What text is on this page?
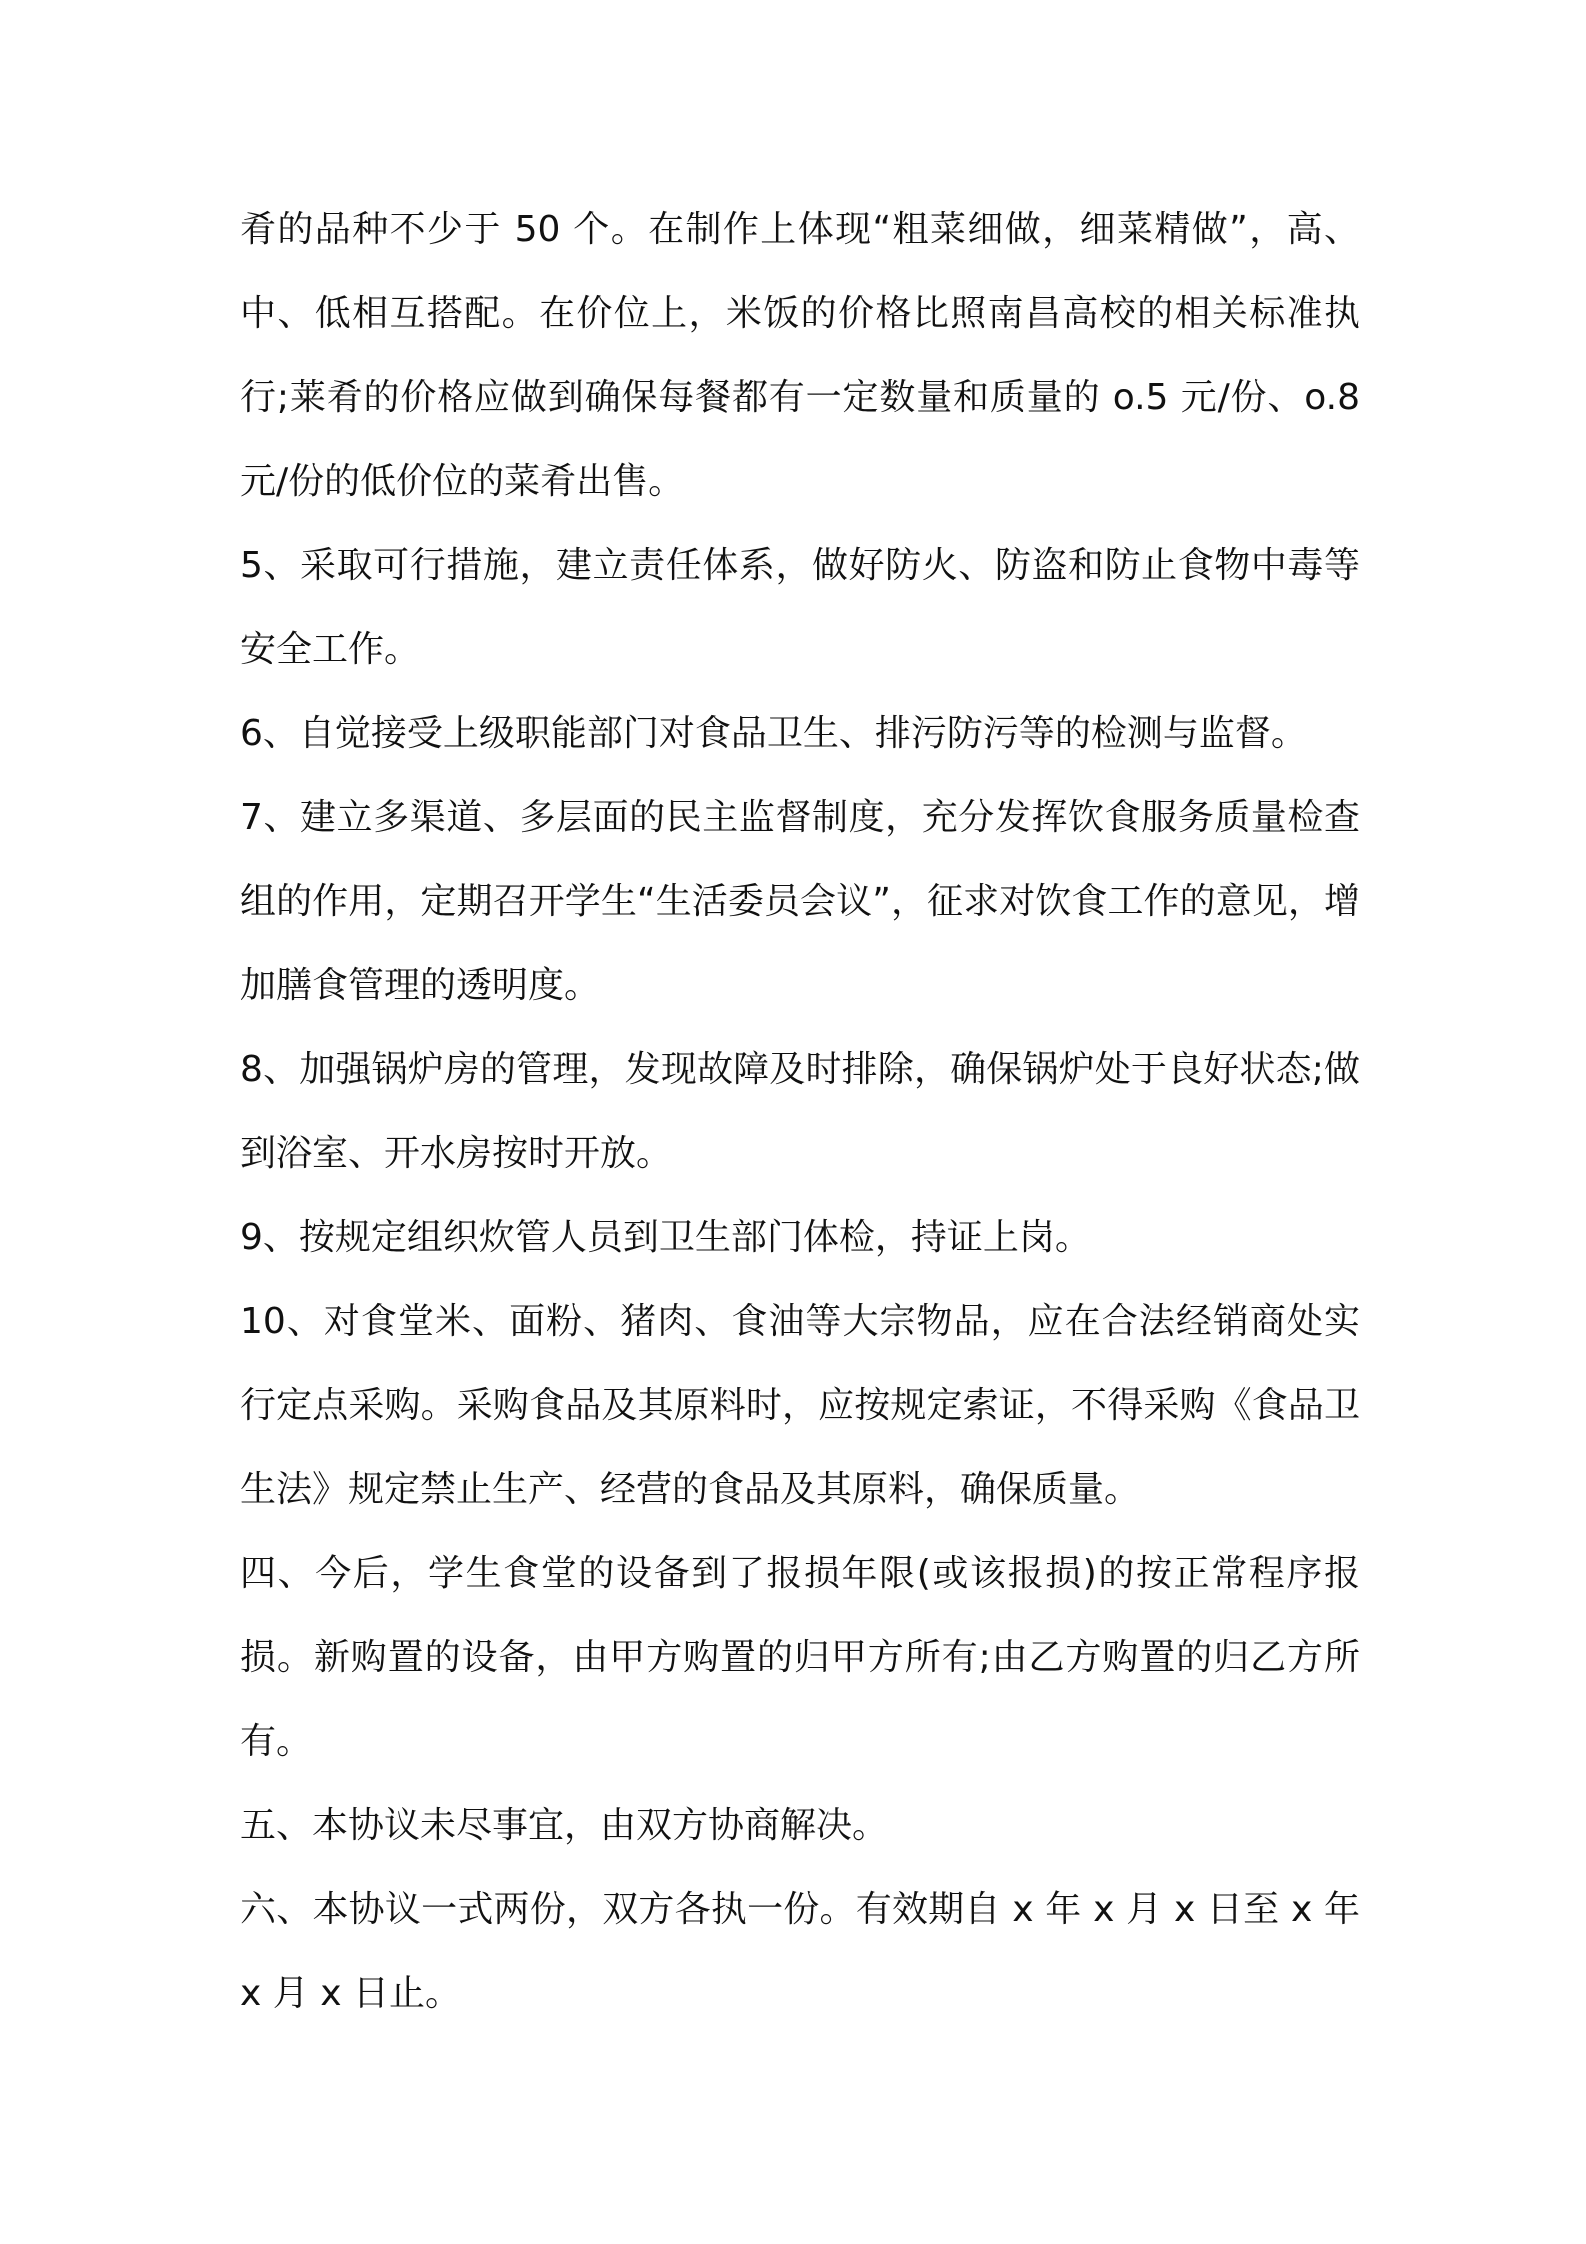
肴的品种不少于 50 个。在制作上体现“粗菜细做，细菜精做”，高、中、低相互搭配。在价位上，米饭的价格比照南昌高校的相关标准执行;莱肴的价格应做到确保每餐都有一定数量和质量的 o.5 元/份、o.8 元/份的低价位的菜肴出售。

5、采取可行措施，建立责任体系，做好防火、防盗和防止食物中毒等安全工作。

6、自觉接受上级职能部门对食品卫生、排污防污等的检测与监督。

7、建立多渠道、多层面的民主监督制度，充分发挥饮食服务质量检查组的作用，定期召开学生“生活委员会议”，征求对饮食工作的意见，增加膳食管理的透明度。

8、加强锅炉房的管理，发现故障及时排除，确保锅炉处于良好状态;做到浴室、开水房按时开放。

9、按规定组织炊管人员到卫生部门体检，持证上岗。

10、对食堂米、面粉、猪肉、食油等大宗物品，应在合法经销商处实行定点采购。采购食品及其原料时，应按规定索证，不得采购《食品卫生法》规定禁止生产、经营的食品及其原料，确保质量。

四、今后，学生食堂的设备到了报损年限(或该报损)的按正常程序报损。新购置的设备，由甲方购置的归甲方所有;由乙方购置的归乙方所有。

五、本协议未尽事宜，由双方协商解决。

六、本协议一式两份，双方各执一份。有效期自 x 年 x 月 x 日至 x 年 x 月 x 日止。
